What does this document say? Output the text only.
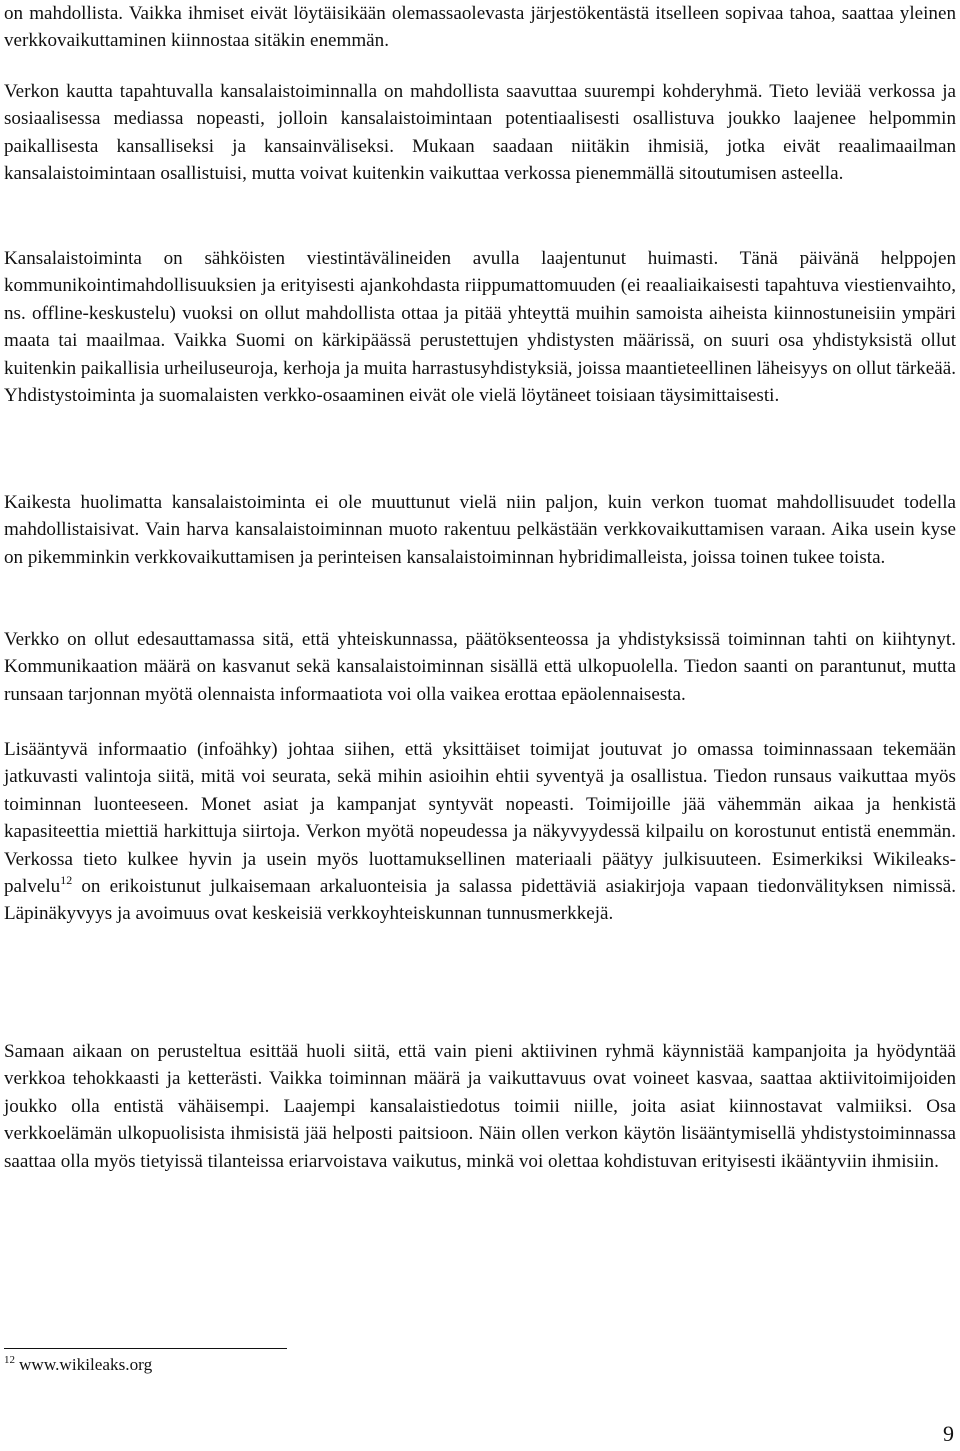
on mahdollista. Vaikka ihmiset eivät löytäisikään olemassaolevasta järjestökentästä itselleen sopivaa tahoa, saattaa yleinen verkkovaikuttaminen kiinnostaa sitäkin enemmän.

Verkon kautta tapahtuvalla kansalaistoiminnalla on mahdollista saavuttaa suurempi kohderyhmä. Tieto leviää verkossa ja sosiaalisessa mediassa nopeasti, jolloin kansalaistoimintaan potentiaalisesti osallistuva joukko laajenee helpommin paikallisesta kansalliseksi ja kansainväliseksi. Mukaan saadaan niitäkin ihmisiä, jotka eivät reaalimaailman kansalaistoimintaan osallistuisi, mutta voivat kuitenkin vaikuttaa verkossa pienemmällä sitoutumisen asteella.

Kansalaistoiminta on sähköisten viestintävälineiden avulla laajentunut huimasti. Tänä päivänä helppojen kommunikointimahdollisuuksien ja erityisesti ajankohdasta riippumattomuuden (ei reaaliaikaisesti tapahtuva viestienvaihto, ns. offline-keskustelu) vuoksi on ollut mahdollista ottaa ja pitää yhteyttä muihin samoista aiheista kiinnostuneisiin ympäri maata tai maailmaa. Vaikka Suomi on kärkipäässä perustettujen yhdistysten määrissä, on suuri osa yhdistyksistä ollut kuitenkin paikallisia urheiluseuroja, kerhoja ja muita harrastusyhdistyksiä, joissa maantieteellinen läheisyys on ollut tärkeää. Yhdistystoiminta ja suomalaisten verkko-osaaminen eivät ole vielä löytäneet toisiaan täysimittaisesti.

Kaikesta huolimatta kansalaistoiminta ei ole muuttunut vielä niin paljon, kuin verkon tuomat mahdollisuudet todella mahdollistaisivat. Vain harva kansalaistoiminnan muoto rakentuu pelkästään verkkovaikuttamisen varaan. Aika usein kyse on pikemminkin verkkovaikuttamisen ja perinteisen kansalaistoiminnan hybridimalleista, joissa toinen tukee toista.

Verkko on ollut edesauttamassa sitä, että yhteiskunnassa, päätöksenteossa ja yhdistyksissä toiminnan tahti on kiihtynyt. Kommunikaation määrä on kasvanut sekä kansalaistoiminnan sisällä että ulkopuolella. Tiedon saanti on parantunut, mutta runsaan tarjonnan myötä olennaista informaatiota voi olla vaikea erottaa epäolennaisesta.

Lisääntyvä informaatio (infoähky) johtaa siihen, että yksittäiset toimijat joutuvat jo omassa toiminnassaan tekemään jatkuvasti valintoja siitä, mitä voi seurata, sekä mihin asioihin ehtii syventyä ja osallistua. Tiedon runsaus vaikuttaa myös toiminnan luonteeseen. Monet asiat ja kampanjat syntyvät nopeasti. Toimijoille jää vähemmän aikaa ja henkistä kapasiteettia miettiä harkittuja siirtoja. Verkon myötä nopeudessa ja näkyvyydessä kilpailu on korostunut entistä enemmän. Verkossa tieto kulkee hyvin ja usein myös luottamuksellinen materiaali päätyy julkisuuteen. Esimerkiksi Wikileaks-palvelu$^{12}$ on erikoistunut julkaisemaan arkaluonteisia ja salassa pidettäviä asiakirjoja vapaan tiedonvälityksen nimissä. Läpinäkyvyys ja avoimuus ovat keskeisiä verkkoyhteiskunnan tunnusmerkkejä.

Samaan aikaan on perusteltua esittää huoli siitä, että vain pieni aktiivinen ryhmä käynnistää kampanjoita ja hyödyntää verkkoa tehokkaasti ja ketterästi. Vaikka toiminnan määrä ja vaikuttavuus ovat voineet kasvaa, saattaa aktiivitoimijoiden joukko olla entistä vähäisempi. Laajempi kansalaistiedotus toimii niille, joita asiat kiinnostavat valmiiksi. Osa verkkoelämän ulkopuolisista ihmisistä jää helposti paitsioon. Näin ollen verkon käytön lisääntymisellä yhdistystoiminnassa saattaa olla myös tietyissä tilanteissa eriarvoistava vaikutus, minkä voi olettaa kohdistuvan erityisesti ikääntyviin ihmisiin.

$^{12}$ www.wikileaks.org

9
